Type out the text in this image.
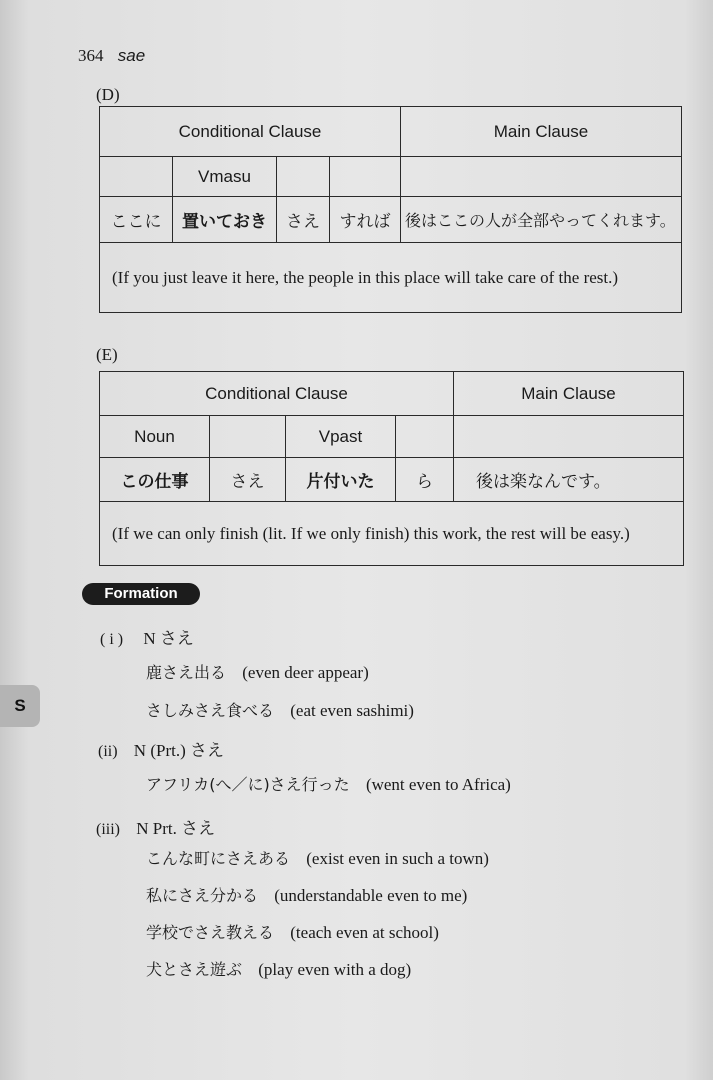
364 sae
(D)
Conditional Clause				Main Clause
	Vmasu			
ここに	置いておき	さえ	すれば	後はここの人が全部やってくれます。
(If you just leave it here, the people in this place will take care of the rest.)				
(E)
Conditional Clause				Main Clause
Noun		Vpast		
この仕事	さえ	片付いた	ら	後は楽なんです。
(If we can only finish (lit. If we only finish) this work, the rest will be easy.)				
Formation
S
( i ) N さえ
鹿さえ出る (even deer appear)
さしみさえ食べる (eat even sashimi)
(ii) N (Prt.) さえ
アフリカ(へ／に)さえ行った (went even to Africa)
(iii) N Prt. さえ
こんな町にさえある (exist even in such a town)
私にさえ分かる (understandable even to me)
学校でさえ教える (teach even at school)
犬とさえ遊ぶ (play even with a dog)
